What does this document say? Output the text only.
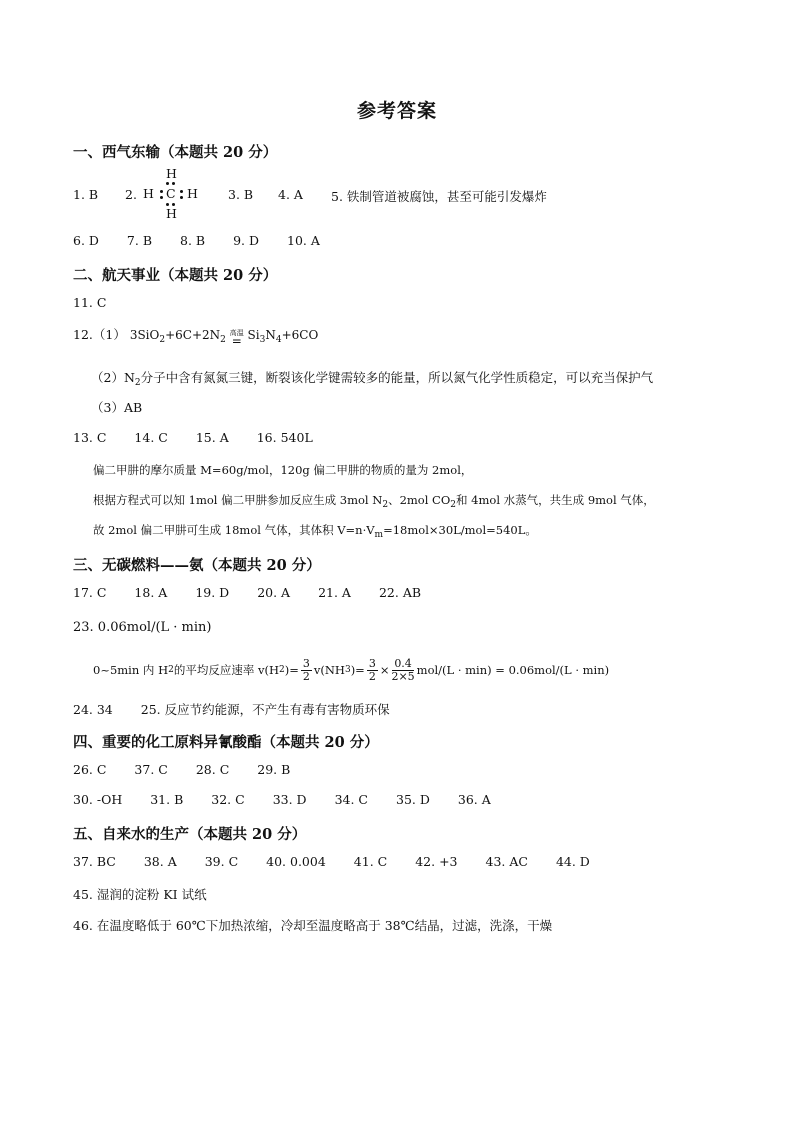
参考答案
一、西气东输（本题共 20 分）
1. B 2.
H
H C H
H
3. B 4. A 5. 铁制管道被腐蚀，甚至可能引发爆炸
6. D 7. B 8. B 9. D 10. A
二、航天事业（本题共 20 分）
11. C
12.（1） $3SiO_2+6C+2N_2$
高温
= $Si_3N_4+6CO$
$(2)N_2$分子中含有氮氮三键，断裂该化学键需较多的能量，所以氮气化学性质稳定，可以充当保护气
（3）AB
13. C 14. C 15. A 16. 540L
偏二甲肼的摩尔质量 M=60g/mol，120g 偏二甲肼的物质的量为 2mol，
根据方程式可以知 1mol 偏二甲肼参加反应生成 3mol $N_2$、2mol $CO_2$和 4mol 水蒸气，共生成 9mol 气体，
故 2mol 偏二甲肼可生成 18mol 气体，其体积 $V=n\cdot V_m=18mol\times 30L/mol=540L$。
三、无碳燃料——氨（本题共 20 分）
17. C 18. A 19. D 20. A 21. A 22. AB
23. 0.06mol/(L · min)
0~5min 内 H 2 的平均反应速率 v(H 2 )= $\frac{3}{2} v(NH$ 3 )= $\frac{3}{2} \times \frac{0.4}{2\times 5} mol/(L \cdot \min) = 0.06mol/(L \cdot \min)$
24. 34 25. 反应节约能源，不产生有毒有害物质环保
四、重要的化工原料异氰酸酯（本题共 20 分）
26. C 37. C 28. C 29. B
30. -OH 31. B 32. C 33. D 34. C 35. D 36. A
五、自来水的生产（本题共 20 分）
37. BC 38. A 39. C 40. 0.004 41. C 42. +3 43. AC 44. D
45. 湿润的淀粉 KI 试纸
46. 在温度略低于 60℃下加热浓缩，冷却至温度略高于 38℃结晶，过滤，洗涤，干燥
